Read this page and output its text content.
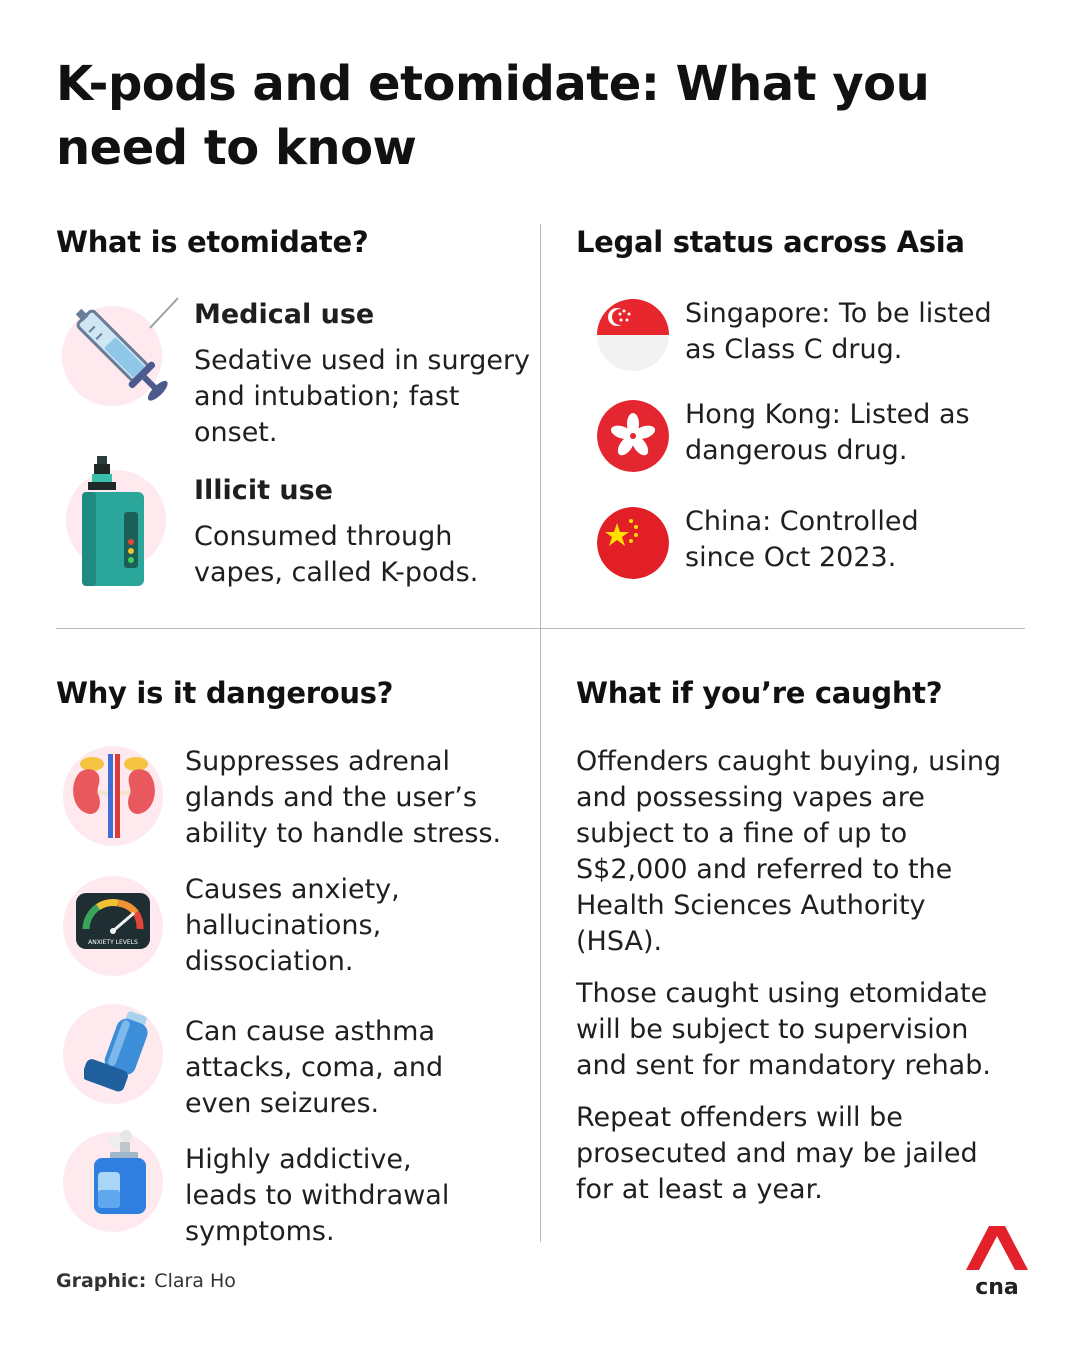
K-pods and etomidate: What you need to know
What is etomidate?
Medical use
Sedative used in surgery and intubation; fast onset.
Illicit use
Consumed through vapes, called K-pods.
Legal status across Asia
Singapore: To be listed as Class C drug.
Hong Kong: Listed as dangerous drug.
China: Controlled since Oct 2023.
Why is it dangerous?
Suppresses adrenal glands and the user’s ability to handle stress.
ANXIETY LEVELS
Causes anxiety, hallucinations, dissociation.
Can cause asthma attacks, coma, and even seizures.
Highly addictive, leads to withdrawal symptoms.
What if you’re caught?
Offenders caught buying, using and possessing vapes are subject to a fine of up to S$2,000 and referred to the Health Sciences Authority (HSA).
Those caught using etomidate will be subject to supervision and sent for mandatory rehab.
Repeat offenders will be prosecuted and may be jailed for at least a year.
Graphic: Clara Ho	cna
